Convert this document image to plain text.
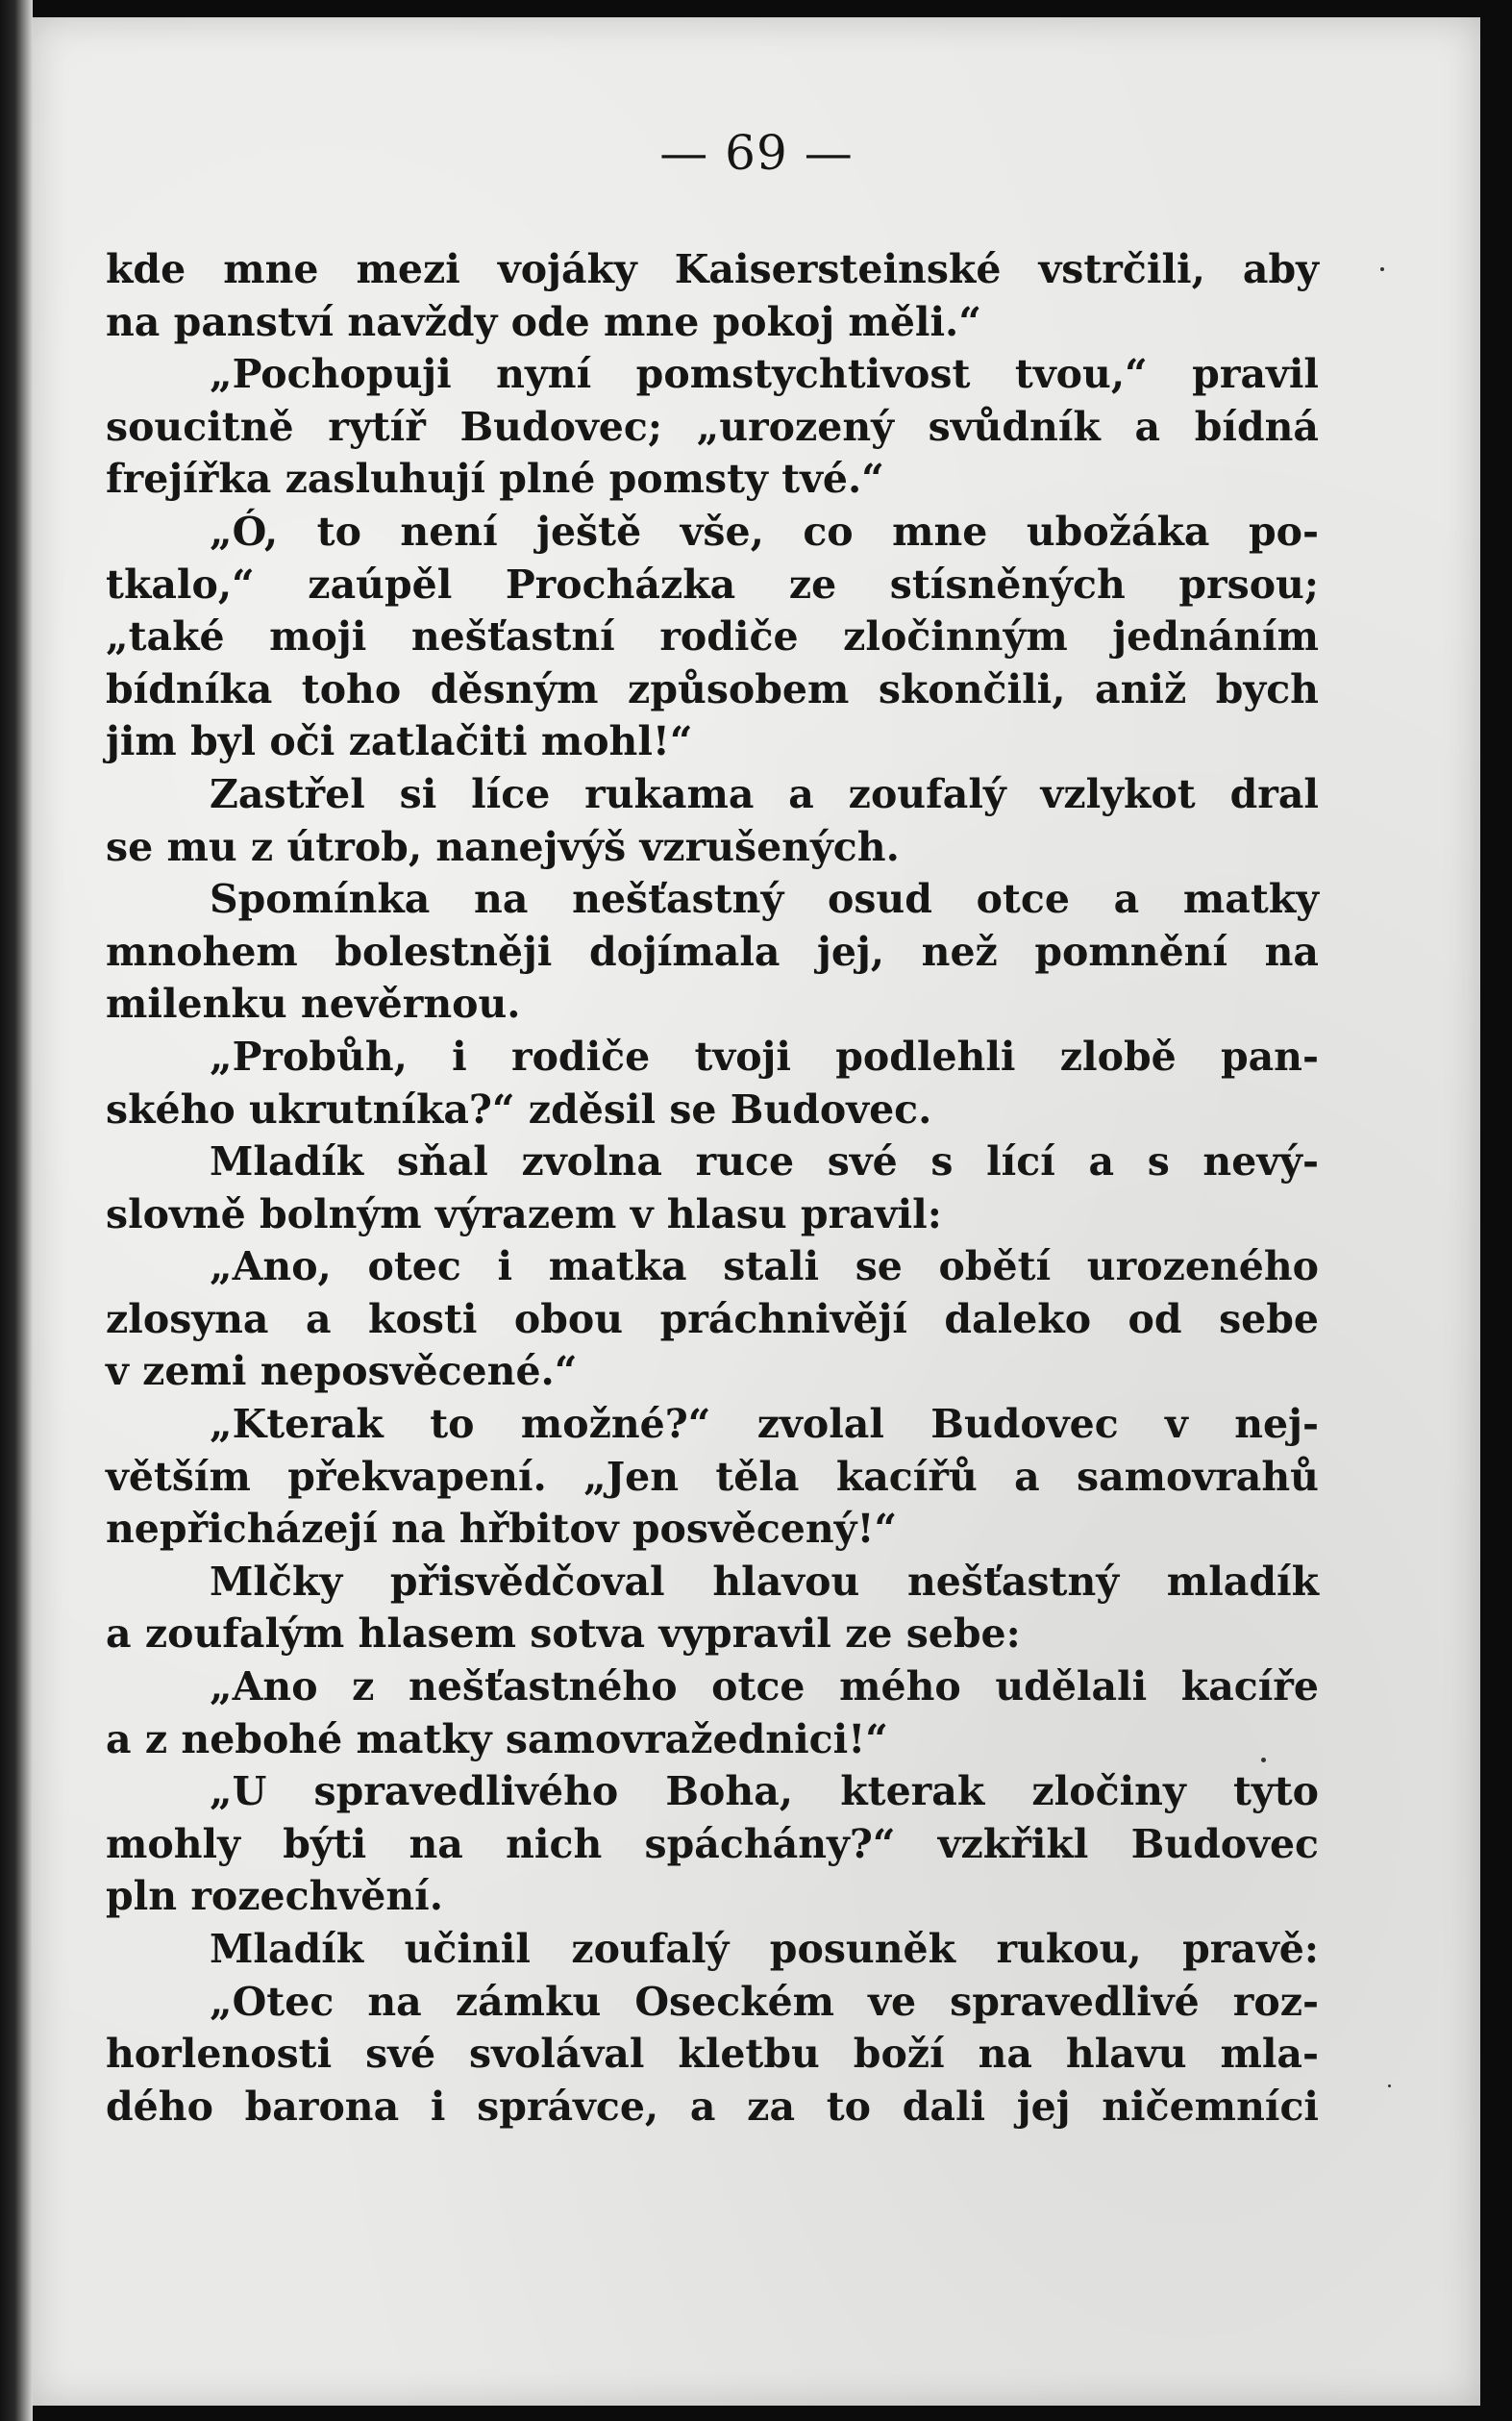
— 69 —
kde mne mezi vojáky Kaisersteinské vstrčili, aby
na panství navždy ode mne pokoj měli.“
„Pochopuji nyní pomstychtivost tvou,“ pravil
soucitně rytíř Budovec; „urozený svůdník a bídná
frejířka zasluhují plné pomsty tvé.“
„Ó, to není ještě vše, co mne ubožáka po-
tkalo,“ zaúpěl Procházka ze stísněných prsou;
„také moji nešťastní rodiče zločinným jednáním
bídníka toho děsným způsobem skončili, aniž bych
jim byl oči zatlačiti mohl!“
Zastřel si líce rukama a zoufalý vzlykot dral
se mu z útrob, nanejvýš vzrušených.
Spomínka na nešťastný osud otce a matky
mnohem bolestněji dojímala jej, než pomnění na
milenku nevěrnou.
„Probůh, i rodiče tvoji podlehli zlobě pan-
ského ukrutníka?“ zděsil se Budovec.
Mladík sňal zvolna ruce své s lící a s nevý-
slovně bolným výrazem v hlasu pravil:
„Ano, otec i matka stali se obětí urozeného
zlosyna a kosti obou práchnivějí daleko od sebe
v zemi neposvěcené.“
„Kterak to možné?“ zvolal Budovec v nej-
větším překvapení. „Jen těla kacířů a samovrahů
nepřicházejí na hřbitov posvěcený!“
Mlčky přisvědčoval hlavou nešťastný mladík
a zoufalým hlasem sotva vypravil ze sebe:
„Ano z nešťastného otce mého udělali kacíře
a z nebohé matky samovražednici!“
„U spravedlivého Boha, kterak zločiny tyto
mohly býti na nich spáchány?“ vzkřikl Budovec
pln rozechvění.
Mladík učinil zoufalý posuněk rukou, pravě:
„Otec na zámku Oseckém ve spravedlivé roz-
horlenosti své svolával kletbu boží na hlavu mla-
dého barona i správce, a za to dali jej ničemníci
